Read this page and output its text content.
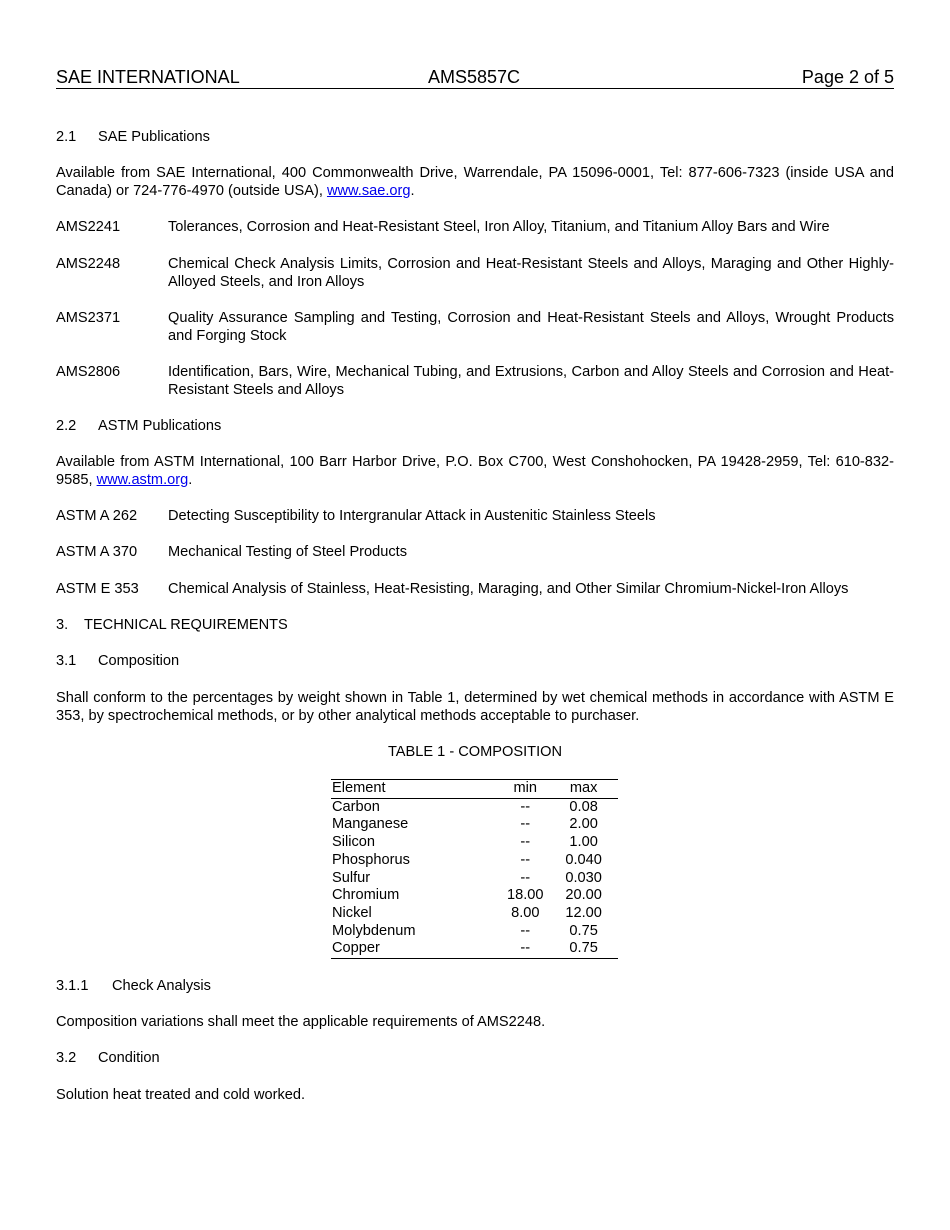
SAE INTERNATIONAL	AMS5857C	Page 2 of 5
2.1 SAE Publications
Available from SAE International, 400 Commonwealth Drive, Warrendale, PA 15096-0001, Tel: 877-606-7323 (inside USA and Canada) or 724-776-4970 (outside USA), www.sae.org.
AMS2241	Tolerances, Corrosion and Heat-Resistant Steel, Iron Alloy, Titanium, and Titanium Alloy Bars and Wire
AMS2248	Chemical Check Analysis Limits, Corrosion and Heat-Resistant Steels and Alloys, Maraging and Other Highly-Alloyed Steels, and Iron Alloys
AMS2371	Quality Assurance Sampling and Testing, Corrosion and Heat-Resistant Steels and Alloys, Wrought Products and Forging Stock
AMS2806	Identification, Bars, Wire, Mechanical Tubing, and Extrusions, Carbon and Alloy Steels and Corrosion and Heat-Resistant Steels and Alloys
2.2 ASTM Publications
Available from ASTM International, 100 Barr Harbor Drive, P.O. Box C700, West Conshohocken, PA 19428-2959, Tel: 610-832-9585, www.astm.org.
ASTM A 262 Detecting Susceptibility to Intergranular Attack in Austenitic Stainless Steels
ASTM A 370 Mechanical Testing of Steel Products
ASTM E 353 Chemical Analysis of Stainless, Heat-Resisting, Maraging, and Other Similar Chromium-Nickel-Iron Alloys
3. TECHNICAL REQUIREMENTS
3.1 Composition
Shall conform to the percentages by weight shown in Table 1, determined by wet chemical methods in accordance with ASTM E 353, by spectrochemical methods, or by other analytical methods acceptable to purchaser.
TABLE 1 - COMPOSITION
Element	min	max
Carbon	--	0.08
Manganese	--	2.00
Silicon	--	1.00
Phosphorus	--	0.040
Sulfur	--	0.030
Chromium	18.00	20.00
Nickel	8.00	12.00
Molybdenum	--	0.75
Copper	--	0.75
3.1.1 Check Analysis
Composition variations shall meet the applicable requirements of AMS2248.
3.2 Condition
Solution heat treated and cold worked.
